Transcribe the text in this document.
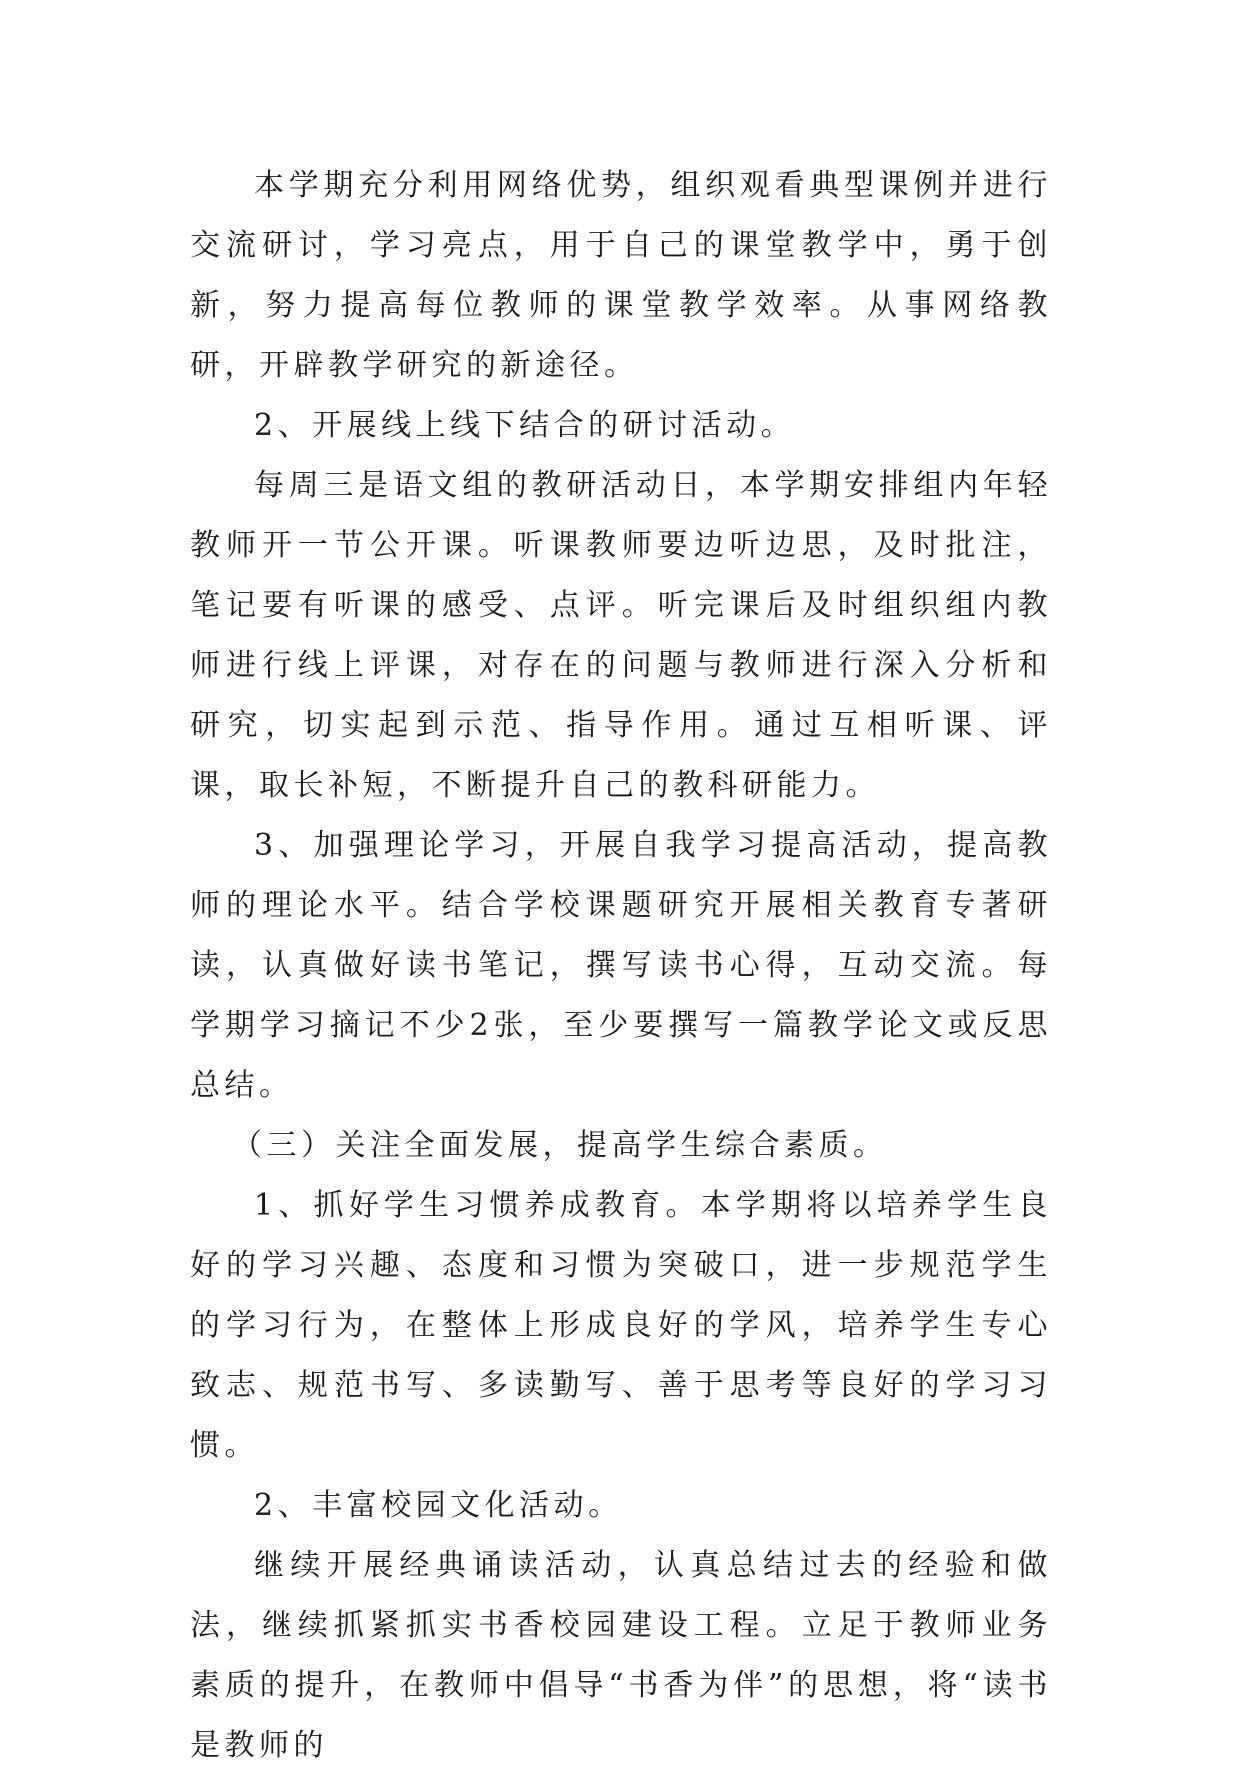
本学期充分利用网络优势，组织观看典型课例并进行交流研讨，学习亮点，用于自己的课堂教学中，勇于创新，努力提高每位教师的课堂教学效率。从事网络教研，开辟教学研究的新途径。

2、开展线上线下结合的研讨活动。

每周三是语文组的教研活动日，本学期安排组内年轻教师开一节公开课。听课教师要边听边思，及时批注，笔记要有听课的感受、点评。听完课后及时组织组内教师进行线上评课，对存在的问题与教师进行深入分析和研究，切实起到示范、指导作用。通过互相听课、评课，取长补短，不断提升自己的教科研能力。

3、加强理论学习，开展自我学习提高活动，提高教师的理论水平。结合学校课题研究开展相关教育专著研读，认真做好读书笔记，撰写读书心得，互动交流。每学期学习摘记不少2张，至少要撰写一篇教学论文或反思总结。

（三）关注全面发展，提高学生综合素质。

1、抓好学生习惯养成教育。本学期将以培养学生良好的学习兴趣、态度和习惯为突破口，进一步规范学生的学习行为，在整体上形成良好的学风，培养学生专心致志、规范书写、多读勤写、善于思考等良好的学习习惯。

2、丰富校园文化活动。

继续开展经典诵读活动，认真总结过去的经验和做法，继续抓紧抓实书香校园建设工程。立足于教师业务素质的提升，在教师中倡导“书香为伴”的思想，将“读书是教师的
